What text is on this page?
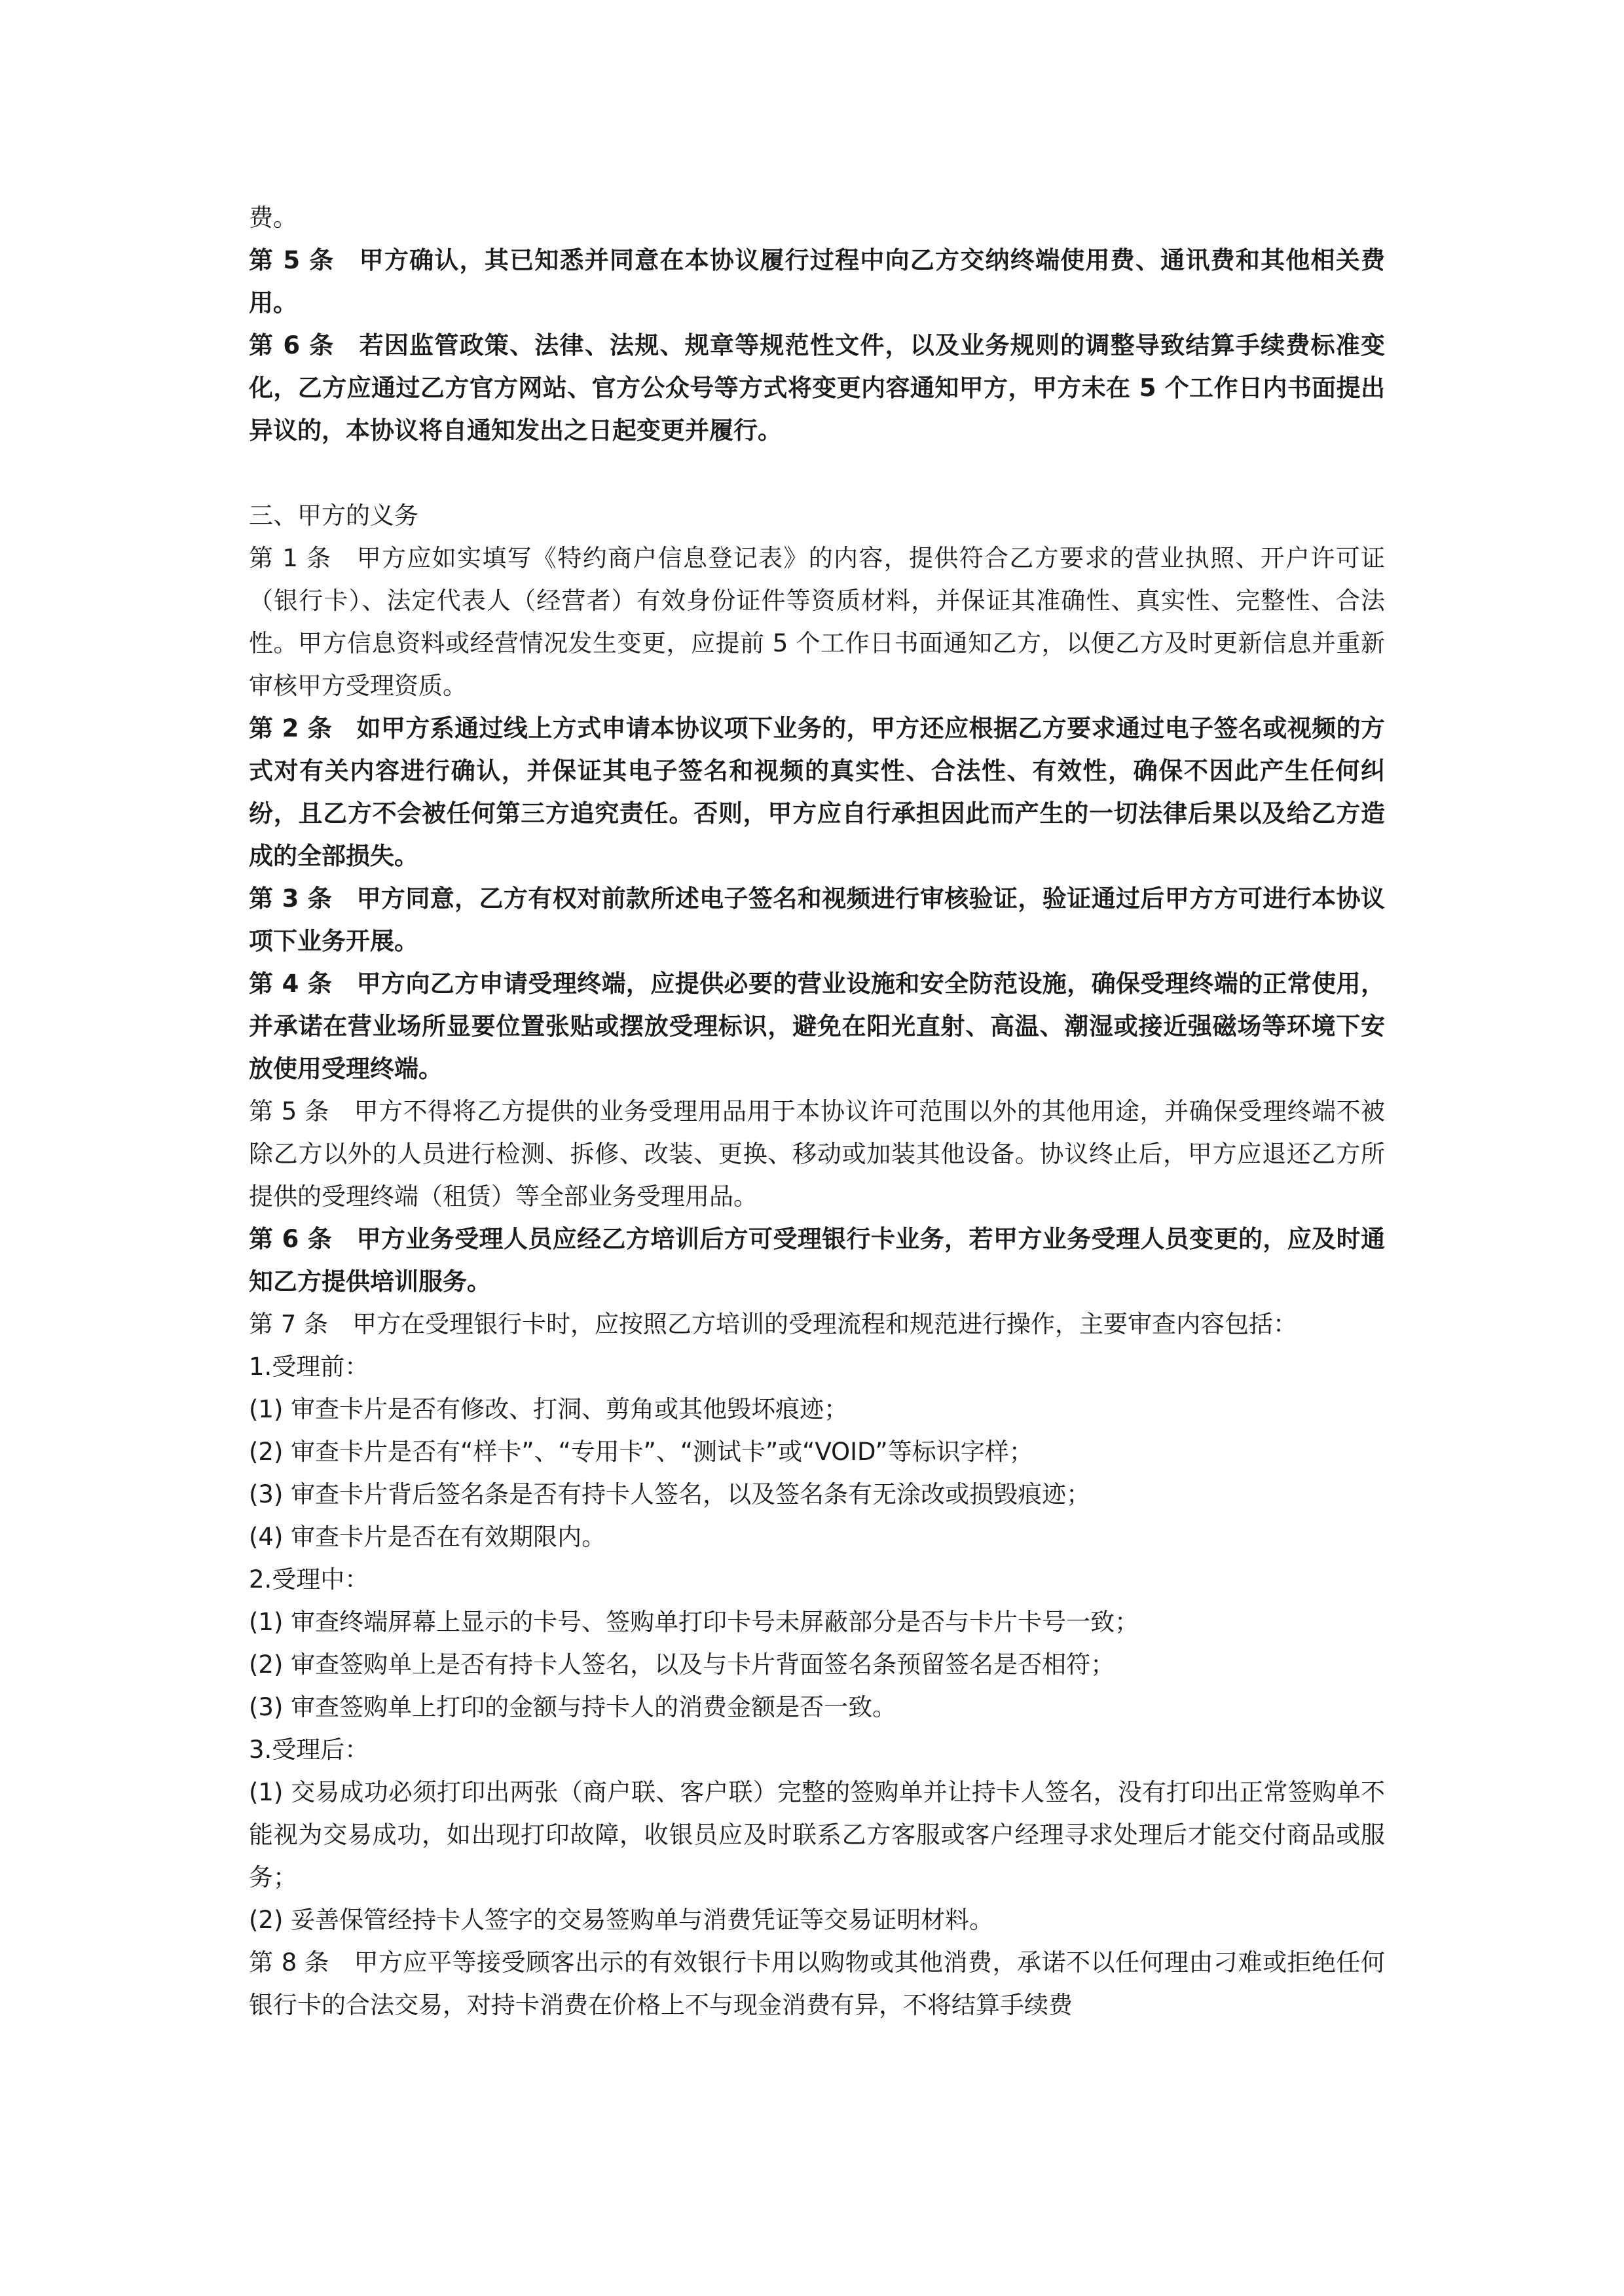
费。

第 5 条　甲方确认，其已知悉并同意在本协议履行过程中向乙方交纳终端使用费、通讯费和其他相关费用。

第 6 条　若因监管政策、法律、法规、规章等规范性文件，以及业务规则的调整导致结算手续费标准变化，乙方应通过乙方官方网站、官方公众号等方式将变更内容通知甲方，甲方未在 5 个工作日内书面提出异议的，本协议将自通知发出之日起变更并履行。

三、甲方的义务

第 1 条　甲方应如实填写《特约商户信息登记表》的内容，提供符合乙方要求的营业执照、开户许可证（银行卡）、法定代表人（经营者）有效身份证件等资质材料，并保证其准确性、真实性、完整性、合法性。甲方信息资料或经营情况发生变更，应提前 5 个工作日书面通知乙方，以便乙方及时更新信息并重新审核甲方受理资质。

第 2 条　如甲方系通过线上方式申请本协议项下业务的，甲方还应根据乙方要求通过电子签名或视频的方式对有关内容进行确认，并保证其电子签名和视频的真实性、合法性、有效性，确保不因此产生任何纠纷，且乙方不会被任何第三方追究责任。否则，甲方应自行承担因此而产生的一切法律后果以及给乙方造成的全部损失。

第 3 条　甲方同意，乙方有权对前款所述电子签名和视频进行审核验证，验证通过后甲方方可进行本协议项下业务开展。

第 4 条　甲方向乙方申请受理终端，应提供必要的营业设施和安全防范设施，确保受理终端的正常使用，并承诺在营业场所显要位置张贴或摆放受理标识，避免在阳光直射、高温、潮湿或接近强磁场等环境下安放使用受理终端。

第 5 条　甲方不得将乙方提供的业务受理用品用于本协议许可范围以外的其他用途，并确保受理终端不被除乙方以外的人员进行检测、拆修、改装、更换、移动或加装其他设备。协议终止后，甲方应退还乙方所提供的受理终端（租赁）等全部业务受理用品。

第 6 条　甲方业务受理人员应经乙方培训后方可受理银行卡业务，若甲方业务受理人员变更的，应及时通知乙方提供培训服务。

第 7 条　甲方在受理银行卡时，应按照乙方培训的受理流程和规范进行操作，主要审查内容包括：

1.受理前：

(1) 审查卡片是否有修改、打洞、剪角或其他毁坏痕迹；

(2) 审查卡片是否有“样卡”、“专用卡”、“测试卡”或“VOID”等标识字样；

(3) 审查卡片背后签名条是否有持卡人签名，以及签名条有无涂改或损毁痕迹；

(4) 审查卡片是否在有效期限内。

2.受理中：

(1) 审查终端屏幕上显示的卡号、签购单打印卡号未屏蔽部分是否与卡片卡号一致；

(2) 审查签购单上是否有持卡人签名，以及与卡片背面签名条预留签名是否相符；

(3) 审查签购单上打印的金额与持卡人的消费金额是否一致。

3.受理后：

(1) 交易成功必须打印出两张（商户联、客户联）完整的签购单并让持卡人签名，没有打印出正常签购单不能视为交易成功，如出现打印故障，收银员应及时联系乙方客服或客户经理寻求处理后才能交付商品或服务；

(2) 妥善保管经持卡人签字的交易签购单与消费凭证等交易证明材料。

第 8 条　甲方应平等接受顾客出示的有效银行卡用以购物或其他消费，承诺不以任何理由刁难或拒绝任何银行卡的合法交易，对持卡消费在价格上不与现金消费有异，不将结算手续费
